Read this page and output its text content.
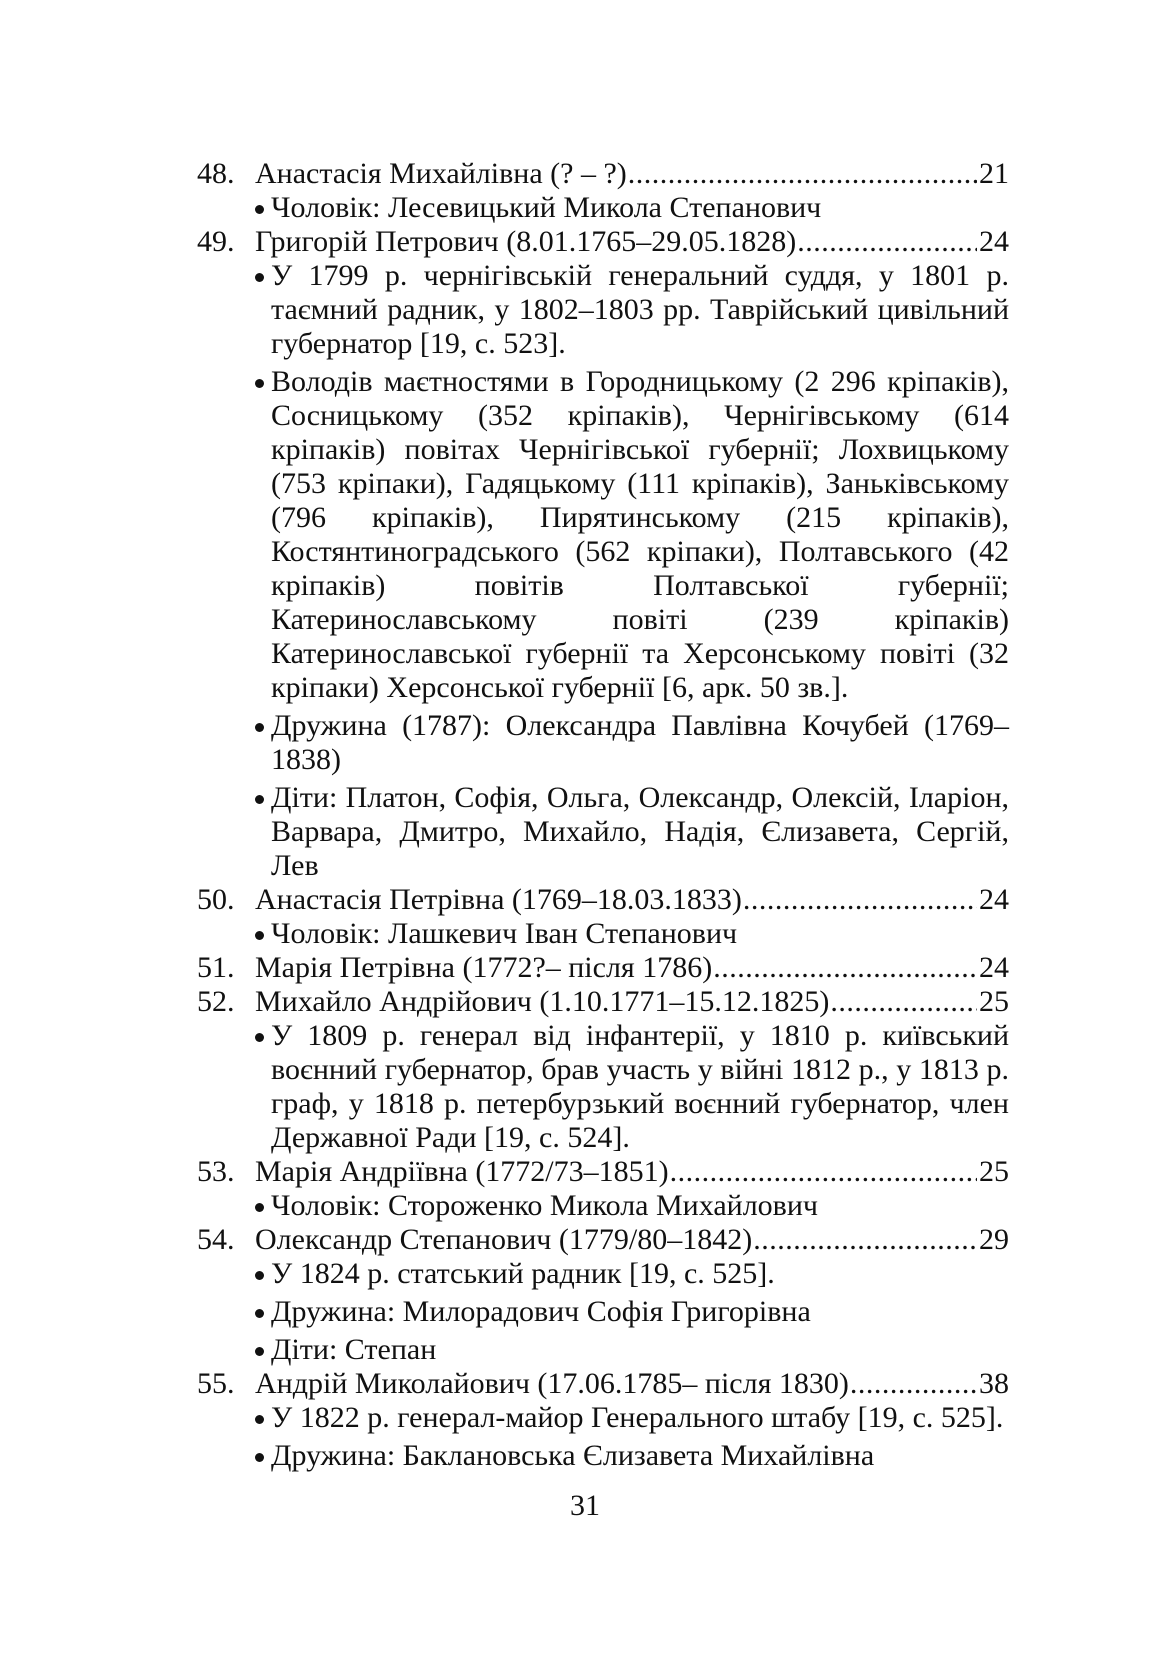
48. Анастасія Михайлівна (? – ?) .....	21
Чоловік: Лесевицький Микола Степанович
49. Григорій Петрович (8.01.1765–29.05.1828) .....	24
У 1799 р. чернігівській генеральний суддя, у 1801 р. таємний радник, у 1802–1803 рр. Таврійський цивільний губернатор [19, с. 523].
Володів маєтностями в Городницькому (2 296 кріпаків), Сосницькому (352 кріпаків), Чернігівському (614 кріпаків) повітах Чернігівської губернії; Лохвицькому (753 кріпаки), Гадяцькому (111 кріпаків), Заньківському (796 кріпаків), Пирятинському (215 кріпаків), Костянтиноградського (562 кріпаки), Полтавського (42 кріпаків) повітів Полтавської губернії; Катеринославському повіті (239 кріпаків) Катеринославської губернії та Херсонському повіті (32 кріпаки) Херсонської губернії [6, арк. 50 зв.].
Дружина (1787): Олександра Павлівна Кочубей (1769–1838)
Діти: Платон, Софія, Ольга, Олександр, Олексій, Іларіон, Варвара, Дмитро, Михайло, Надія, Єлизавета, Сергій, Лев
50. Анастасія Петрівна (1769–18.03.1833) .....	24
Чоловік: Лашкевич Іван Степанович
51. Марія Петрівна (1772?– після 1786) .....	24
52. Михайло Андрійович (1.10.1771–15.12.1825) .....	25
У 1809 р. генерал від інфантерії, у 1810 р. київський воєнний губернатор, брав участь у війні 1812 р., у 1813 р. граф, у 1818 р. петербурзький воєнний губернатор, член Державної Ради [19, с. 524].
53. Марія Андріївна (1772/73–1851) .....	25
Чоловік: Стороженко Микола Михайлович
54. Олександр Степанович (1779/80–1842) .....	29
У 1824 р. статський радник [19, с. 525].
Дружина: Милорадович Софія Григорівна
Діти: Степан
55. Андрій Миколайович (17.06.1785– після 1830) .....	38
У 1822 р. генерал-майор Генерального штабу [19, с. 525].
Дружина: Баклановська Єлизавета Михайлівна
31
